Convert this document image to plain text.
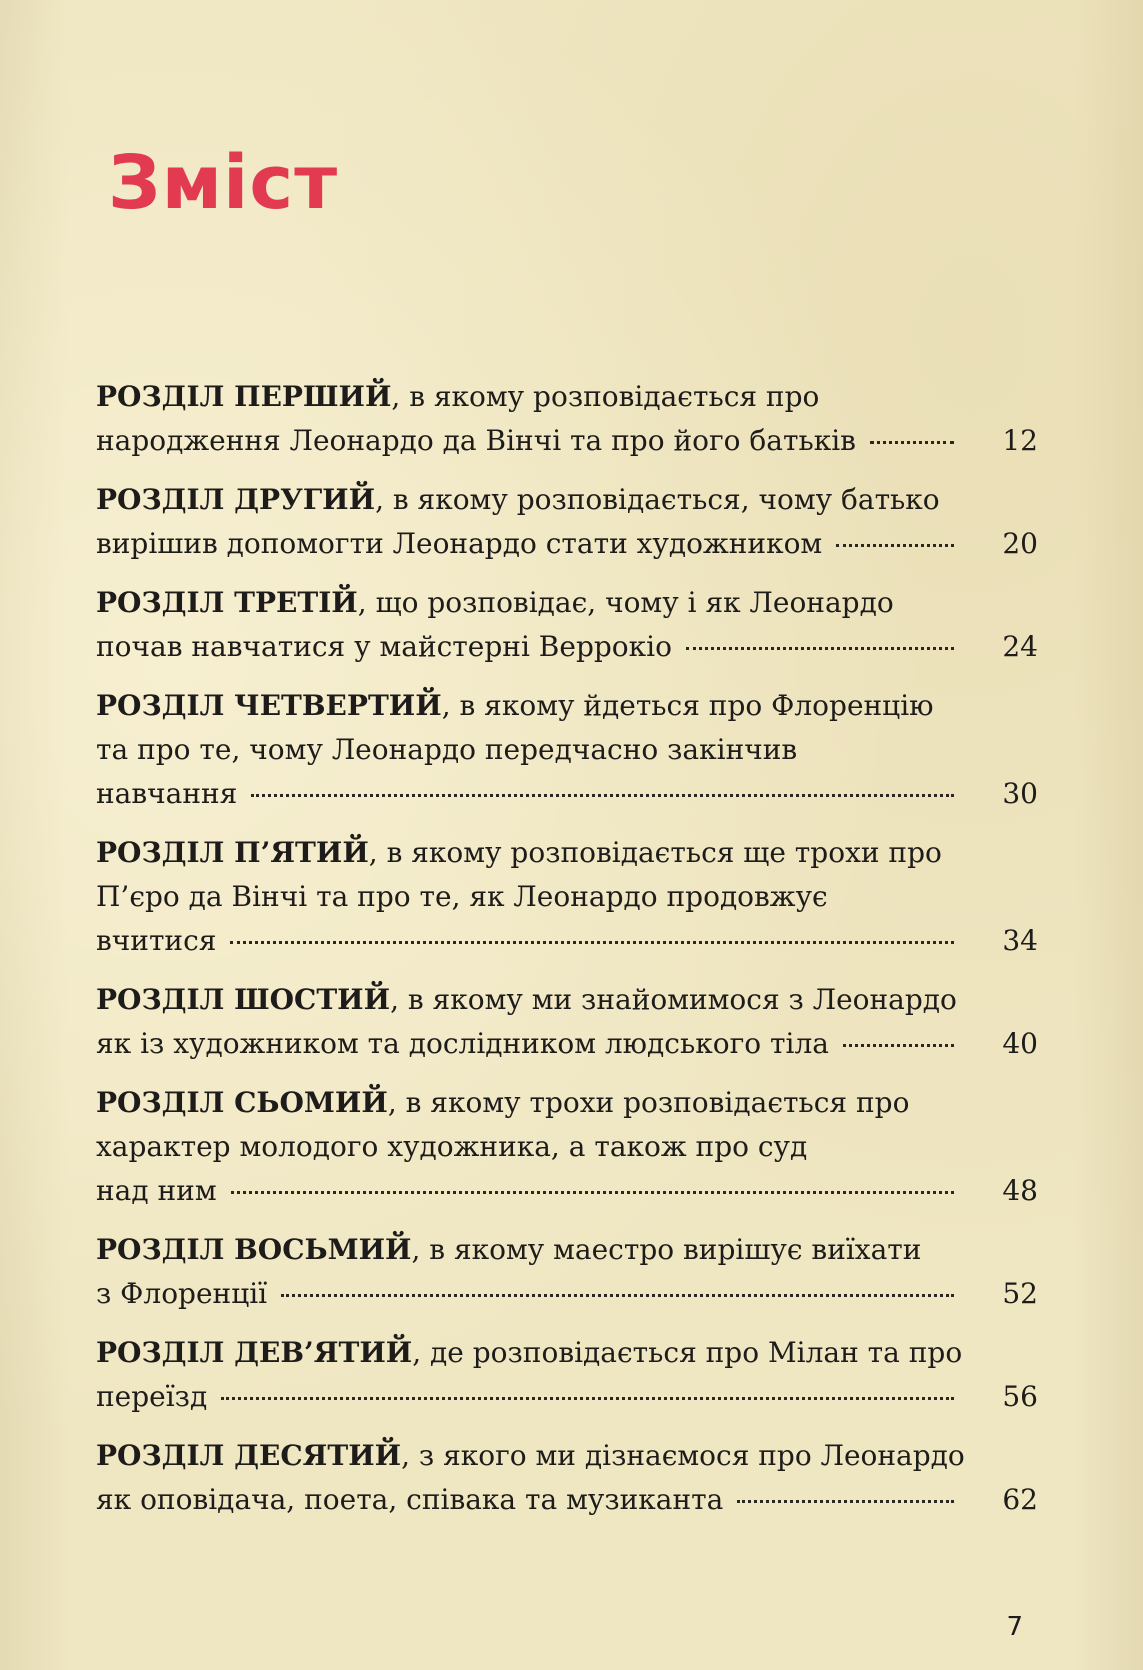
Зміст
РОЗДІЛ ПЕРШИЙ, в якому розповідається про
народження Леонардо да Вінчі та про його батьків	12
РОЗДІЛ ДРУГИЙ, в якому розповідається, чому батько
вирішив допомогти Леонардо стати художником	20
РОЗДІЛ ТРЕТІЙ, що розповідає, чому і як Леонардо
почав навчатися у майстерні Веррокіо	24
РОЗДІЛ ЧЕТВЕРТИЙ, в якому йдеться про Флоренцію
та про те, чому Леонардо передчасно закінчив
навчання	30
РОЗДІЛ П’ЯТИЙ, в якому розповідається ще трохи про
П’єро да Вінчі та про те, як Леонардо продовжує
вчитися	34
РОЗДІЛ ШОСТИЙ, в якому ми знайомимося з Леонардо
як із художником та дослідником людського тіла	40
РОЗДІЛ СЬОМИЙ, в якому трохи розповідається про
характер молодого художника, а також про суд
над ним	48
РОЗДІЛ ВОСЬМИЙ, в якому маестро вирішує виїхати
з Флоренції	52
РОЗДІЛ ДЕВ’ЯТИЙ, де розповідається про Мілан та про
переїзд	56
РОЗДІЛ ДЕСЯТИЙ, з якого ми дізнаємося про Леонардо
як оповідача, поета, співака та музиканта	62
7
